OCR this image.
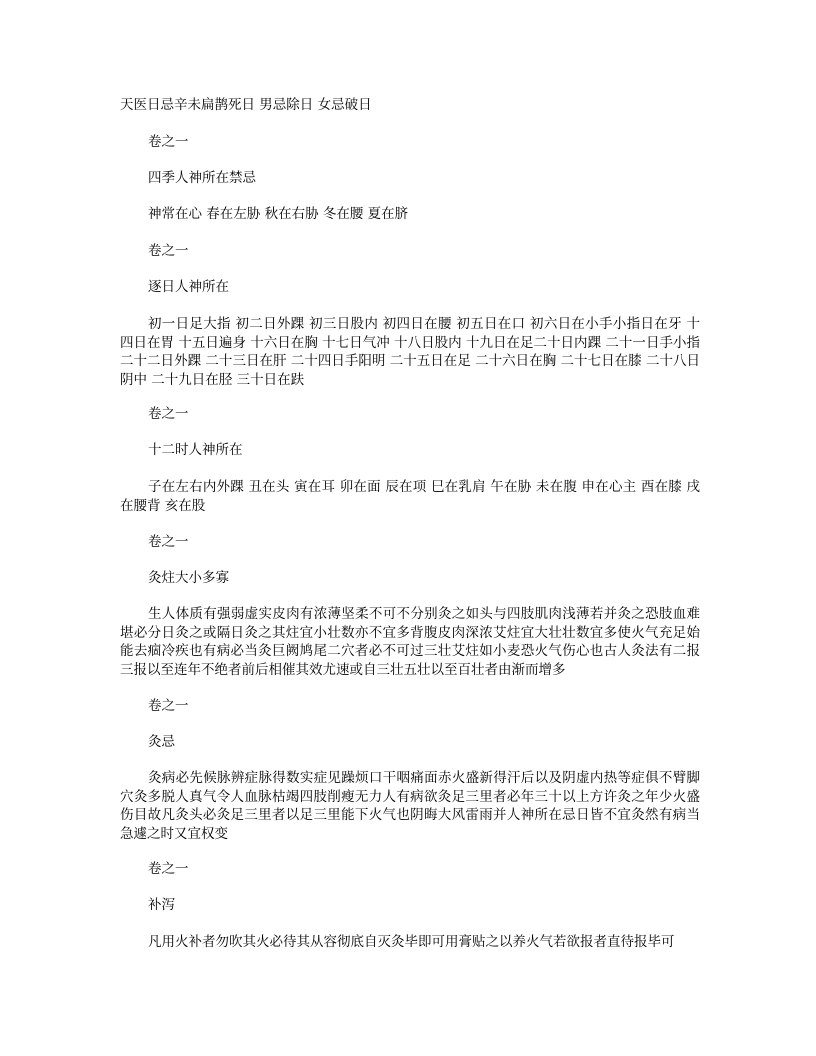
天医日忌辛未扁鹊死日 男忌除日 女忌破日
卷之一
四季人神所在禁忌
神常在心 春在左胁 秋在右胁 冬在腰 夏在脐
卷之一
逐日人神所在
初一日足大指 初二日外踝 初三日股内 初四日在腰 初五日在口 初六日在小手小指日在牙 十四日在胃 十五日遍身 十六日在胸 十七日气冲 十八日股内 十九日在足二十日内踝 二十一日手小指 二十二日外踝 二十三日在肝 二十四日手阳明 二十五日在足 二十六日在胸 二十七日在膝 二十八日阴中 二十九日在胫 三十日在趺
卷之一
十二时人神所在
子在左右内外踝 丑在头 寅在耳 卯在面 辰在项 巳在乳肩 午在胁 未在腹 申在心主 酉在膝 戌在腰背 亥在股
卷之一
灸炷大小多寡
生人体质有强弱虚实皮肉有浓薄坚柔不可不分别灸之如头与四肢肌肉浅薄若并灸之恐肢血难堪必分日灸之或隔日灸之其炷宜小壮数亦不宜多背腹皮肉深浓艾炷宜大壮壮数宜多使火气充足始能去痼冷疾也有病必当灸巨阙鸠尾二穴者必不可过三壮艾炷如小麦恐火气伤心也古人灸法有二报三报以至连年不绝者前后相催其效尤速或自三壮五壮以至百壮者由渐而增多
卷之一
灸忌
灸病必先候脉辨症脉得数实症见躁烦口干咽痛面赤火盛新得汗后以及阴虚内热等症俱不臂脚穴灸多脱人真气令人血脉枯竭四肢削瘦无力人有病欲灸足三里者必年三十以上方许灸之年少火盛伤目故凡灸头必灸足三里者以足三里能下火气也阴晦大风雷雨并人神所在忌日皆不宜灸然有病当急遽之时又宜权变
卷之一
补泻
凡用火补者勿吹其火必待其从容彻底自灭灸毕即可用膏贴之以养火气若欲报者直待报毕可
